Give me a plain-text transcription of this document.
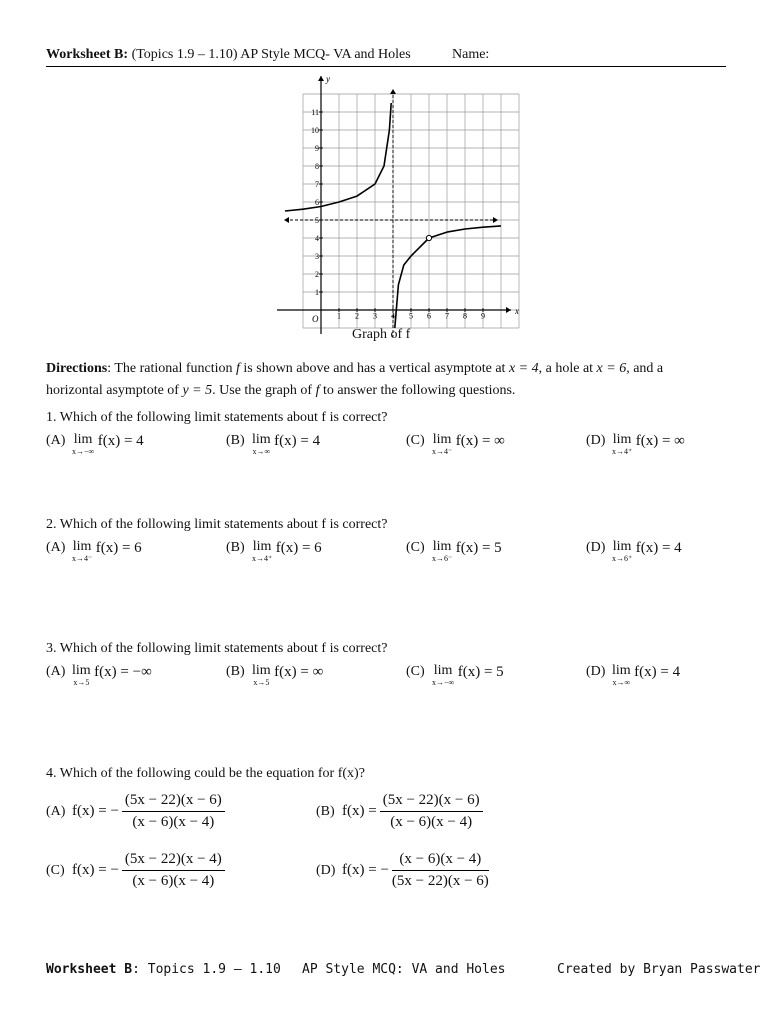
Worksheet B: (Topics 1.9 – 1.10) AP Style MCQ- VA and Holes	Name:
1 2 3 4 5 6 7 8 9
1
2
3
4
5
6
7
8
9
10
11
y
x
O
Graph of f
Directions: The rational function f is shown above and has a vertical asymptote at x = 4, a hole at x = 6, and a
horizontal asymptote of y = 5. Use the graph of f to answer the following questions.
1. Which of the following limit statements about f is correct?
(A) lim
x→−∞
f(x) = 4	(B) lim
x→∞
f(x) = 4	(C) lim
x→4⁻
f(x) = ∞	(D) lim
x→4⁺
f(x) = ∞
2. Which of the following limit statements about f is correct?
(A) lim
x→4⁻
f(x) = 6	(B) lim
x→4⁺
f(x) = 6	(C) lim
x→6⁻
f(x) = 5	(D) lim
x→6⁺
f(x) = 4
3. Which of the following limit statements about f is correct?
(A) lim
x→5
f(x) = −∞	(B) lim
x→5
f(x) = ∞	(C) lim
x→−∞
f(x) = 5	(D) lim
x→∞
f(x) = 4
4. Which of the following could be the equation for f(x)?
(A) f(x) = − $\frac{(5x - 22)(x - 6)}{(x - 6)(x - 4)}$	(B) $f(x) = \frac{(5x - 22)(x - 6)}{(x - 6)(x - 4)}$
(C) f(x) = − $\frac{(5x - 22)(x - 4)}{(x - 6)(x - 4)}$	(D) f(x) = − $\frac{(x - 6)(x - 4)}{(5x - 22)(x - 6)}$
Worksheet B: Topics 1.9 – 1.10 AP Style MCQ: VA and Holes	Created by Bryan Passwater
